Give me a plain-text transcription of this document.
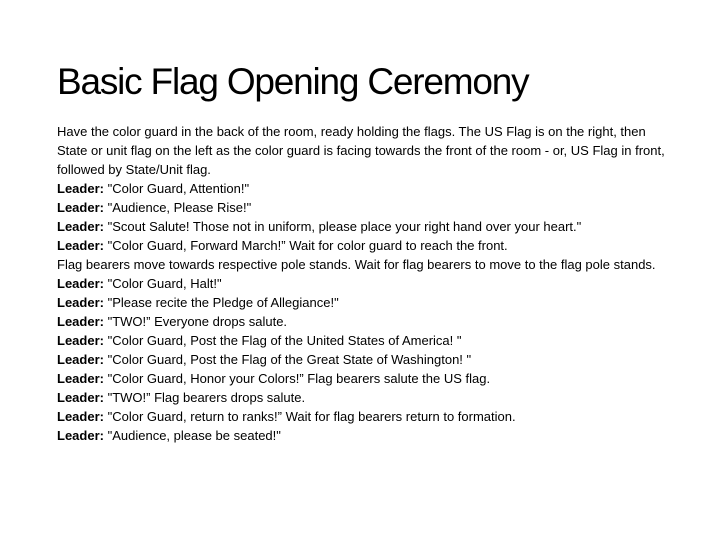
Basic Flag Opening Ceremony
Have the color guard in the back of the room, ready holding the flags. The US Flag is on the right, then State or unit flag on the left as the color guard is facing towards the front of the room - or, US Flag in front, followed by State/Unit flag.
Leader: "Color Guard, Attention!"
Leader: "Audience, Please Rise!"
Leader: "Scout Salute! Those not in uniform, please place your right hand over your heart."
Leader: "Color Guard, Forward March!” Wait for color guard to reach the front.
Flag bearers move towards respective pole stands. Wait for flag bearers to move to the flag pole stands.
Leader: "Color Guard, Halt!"
Leader: "Please recite the Pledge of Allegiance!"
Leader: "TWO!” Everyone drops salute.
Leader: "Color Guard, Post the Flag of the United States of America! "
Leader: "Color Guard, Post the Flag of the Great State of Washington! "
Leader: "Color Guard, Honor your Colors!” Flag bearers salute the US flag.
Leader: "TWO!” Flag bearers drops salute.
Leader: "Color Guard, return to ranks!” Wait for flag bearers return to formation.
Leader: "Audience, please be seated!"
